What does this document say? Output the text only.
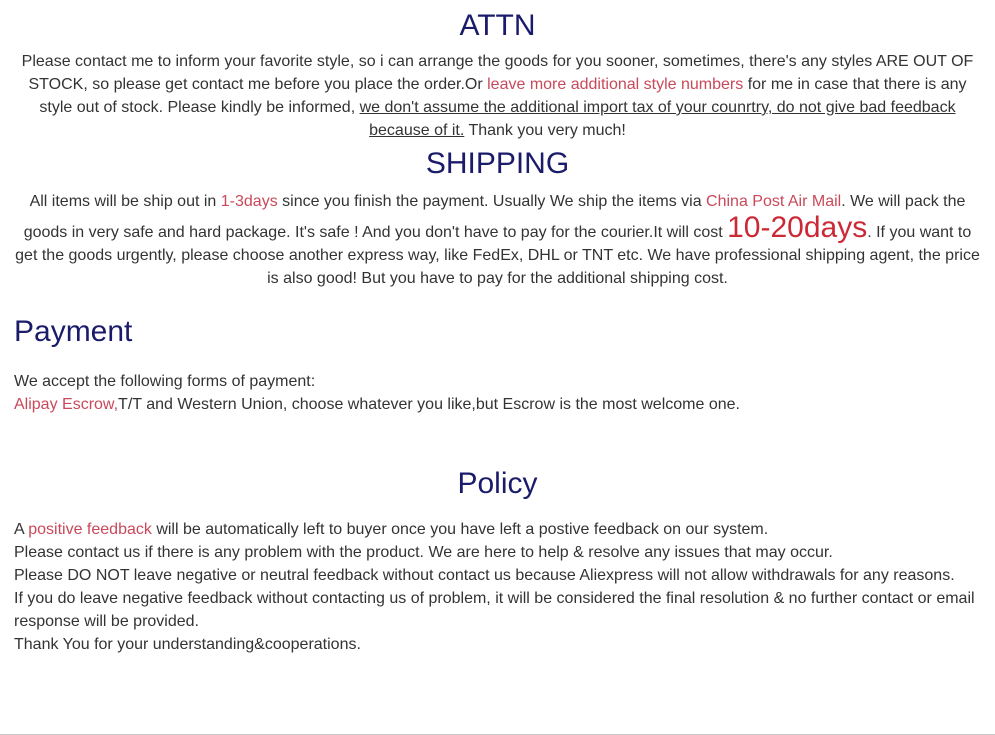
ATTN

Please contact me to inform your favorite style, so i can arrange the goods for you sooner, sometimes, there's any styles ARE OUT OF STOCK, so please get contact me before you place the order.Or leave more additional style numbers for me in case that there is any style out of stock. Please kindly be informed, we don't assume the additional import tax of your counrtry, do not give bad feedback because of it. Thank you very much!

SHIPPING

All items will be ship out in 1-3days since you finish the payment. Usually We ship the items via China Post Air Mail. We will pack the goods in very safe and hard package. It's safe ! And you don't have to pay for the courier.It will cost 10-20days. If you want to get the goods urgently, please choose another express way, like FedEx, DHL or TNT etc. We have professional shipping agent, the price is also good! But you have to pay for the additional shipping cost.

Payment
We accept the following forms of payment:
Alipay Escrow,T/T and Western Union, choose whatever you like,but Escrow is the most welcome one.
Policy
A positive feedback will be automatically left to buyer once you have left a postive feedback on our system.
Please contact us if there is any problem with the product. We are here to help & resolve any issues that may occur.
Please DO NOT leave negative or neutral feedback without contact us because Aliexpress will not allow withdrawals for any reasons.
If you do leave negative feedback without contacting us of problem, it will be considered the final resolution & no further contact or email response will be provided.
Thank You for your understanding&cooperations.
